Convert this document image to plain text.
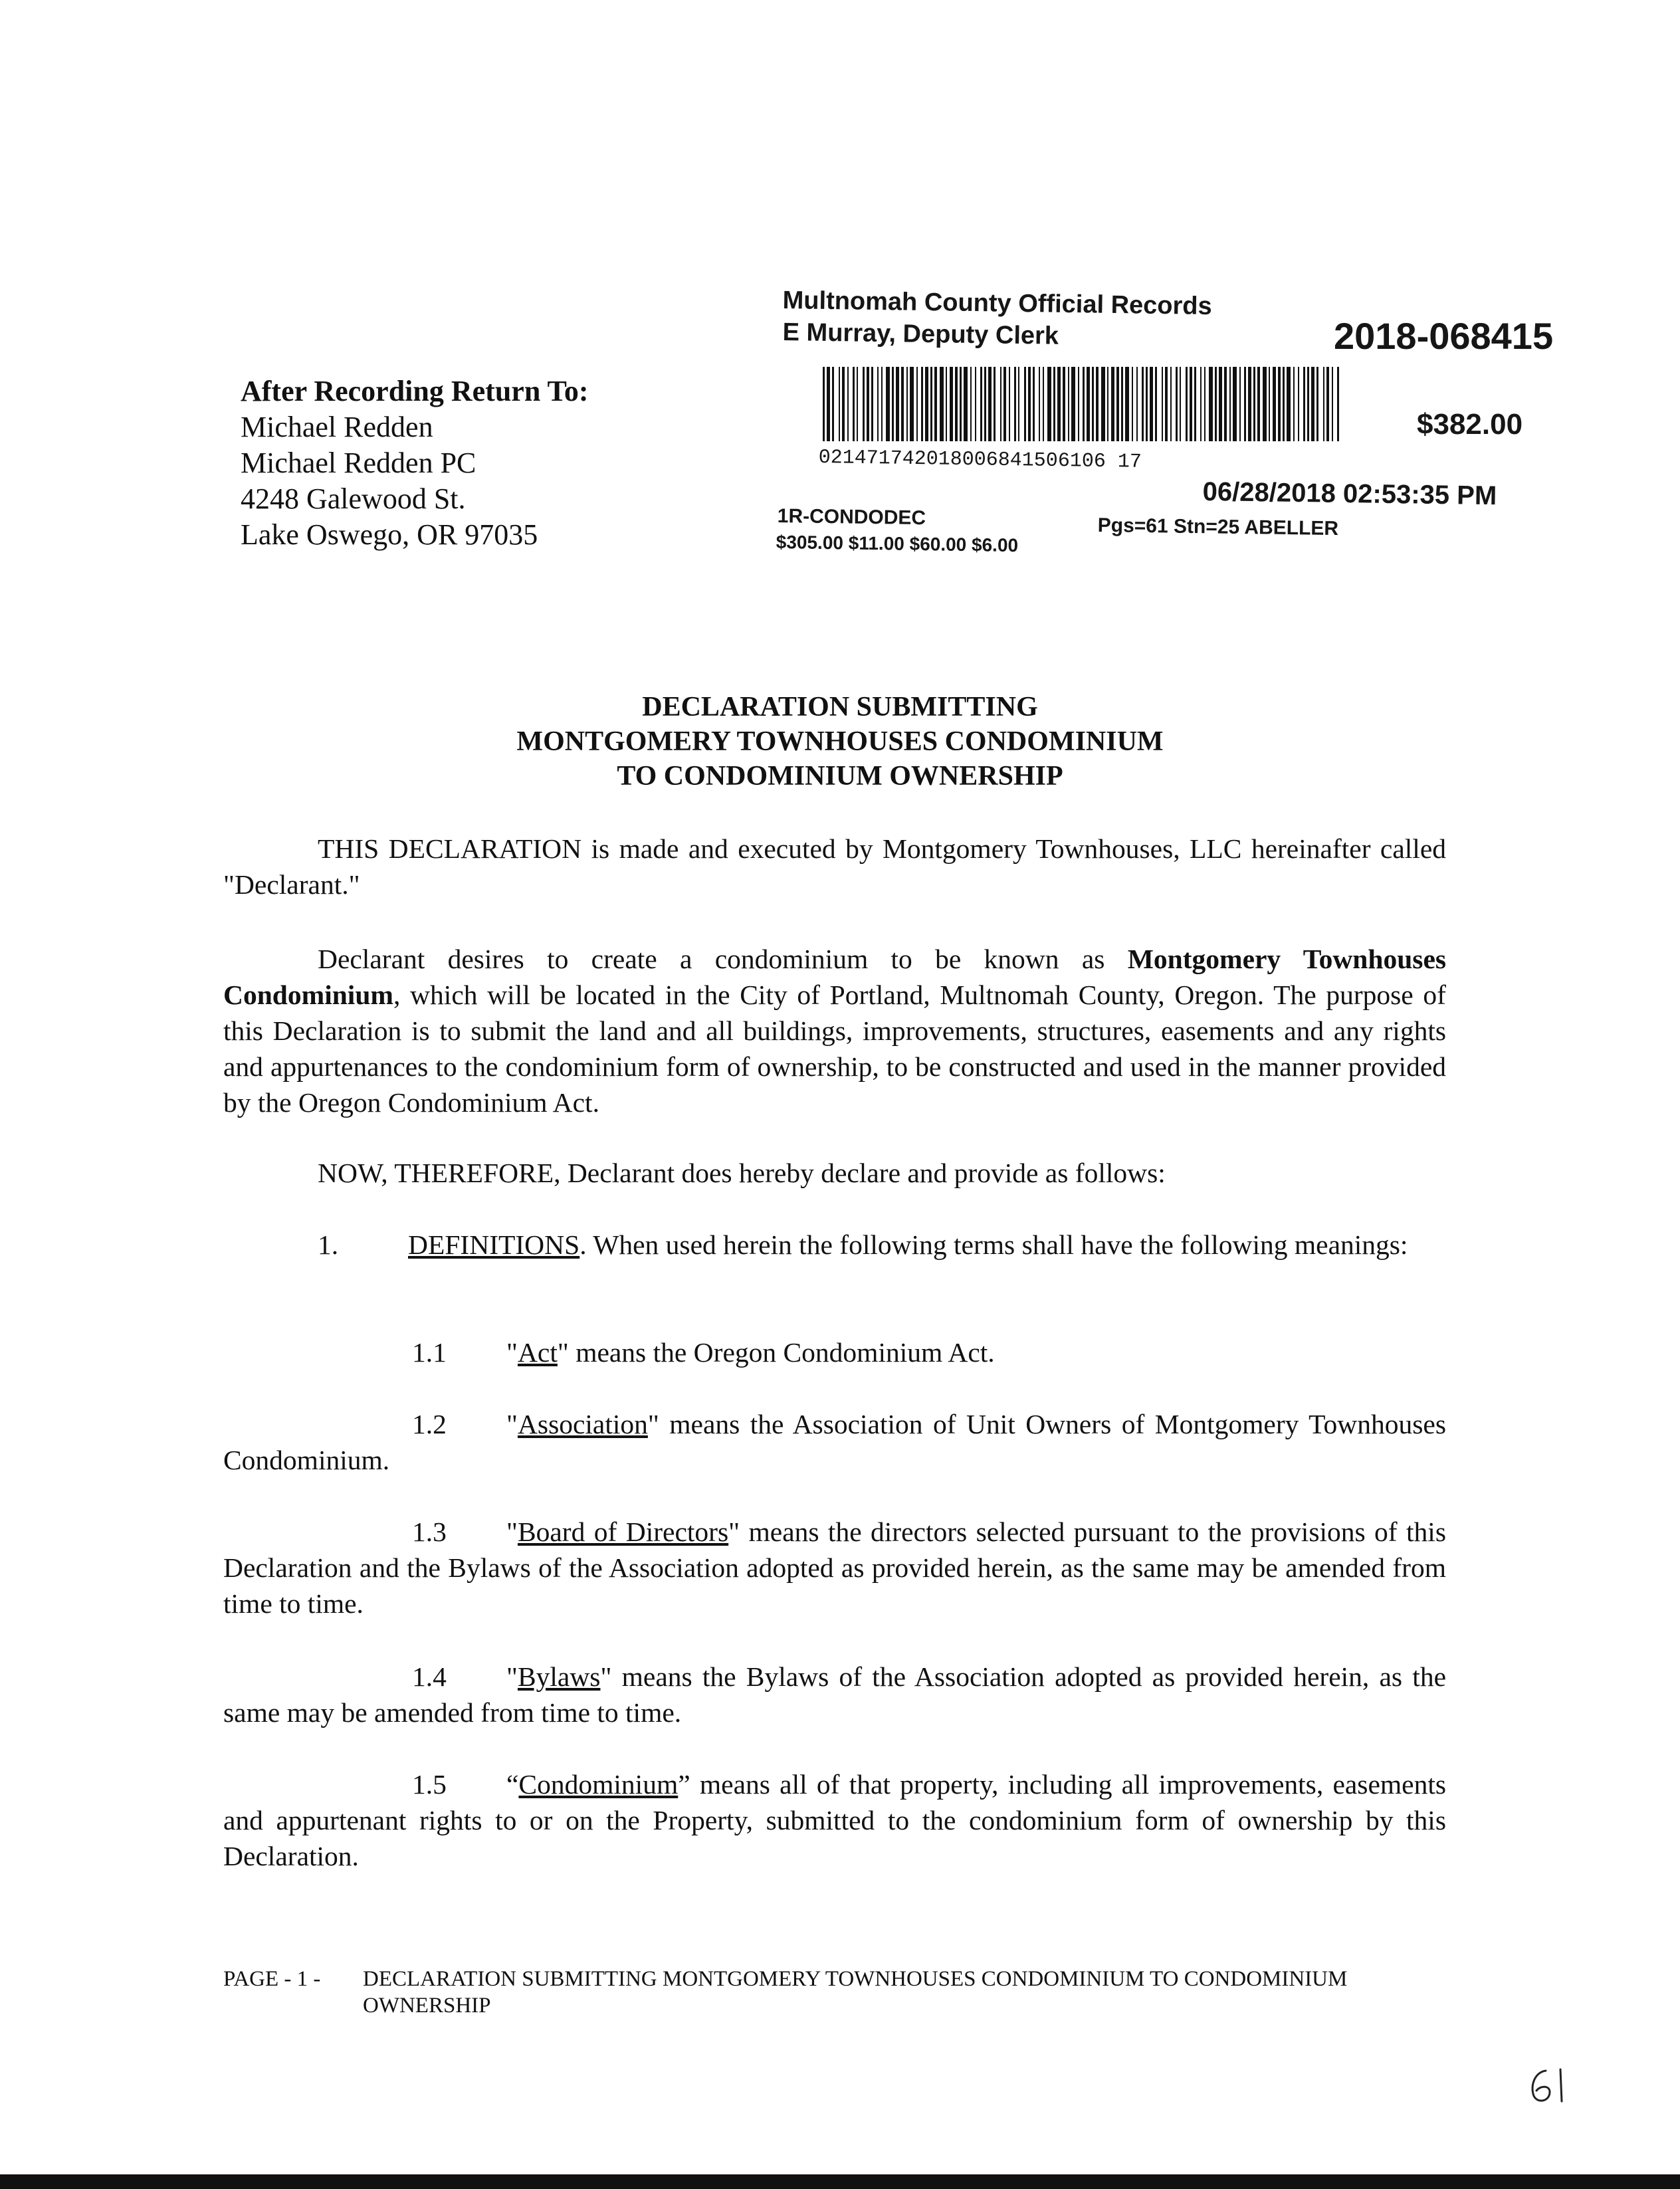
After Recording Return To:
Michael Redden
Michael Redden PC
4248 Galewood St.
Lake Oswego, OR 97035
Multnomah County Official Records
E Murray, Deputy Clerk	2018-068415
021471742018006841506106 17
$382.00
06/28/2018 02:53:35 PM
1R-CONDODEC	Pgs=61 Stn=25 ABELLER
$305.00 $11.00 $60.00 $6.00
DECLARATION SUBMITTING
MONTGOMERY TOWNHOUSES CONDOMINIUM
TO CONDOMINIUM OWNERSHIP
THIS DECLARATION is made and executed by Montgomery Townhouses, LLC hereinafter called "Declarant."
Declarant desires to create a condominium to be known as Montgomery Townhouses Condominium, which will be located in the City of Portland, Multnomah County, Oregon. The purpose of this Declaration is to submit the land and all buildings, improvements, structures, easements and any rights and appurtenances to the condominium form of ownership, to be constructed and used in the manner provided by the Oregon Condominium Act.
NOW, THEREFORE, Declarant does hereby declare and provide as follows:
1.	DEFINITIONS. When used herein the following terms shall have the following meanings:
1.1 "Act" means the Oregon Condominium Act.
1.2 "Association" means the Association of Unit Owners of Montgomery Townhouses Condominium.
1.3 "Board of Directors" means the directors selected pursuant to the provisions of this Declaration and the Bylaws of the Association adopted as provided herein, as the same may be amended from time to time.
1.4 "Bylaws" means the Bylaws of the Association adopted as provided herein, as the same may be amended from time to time.
1.5 “Condominium” means all of that property, including all improvements, easements and appurtenant rights to or on the Property, submitted to the condominium form of ownership by this Declaration.
PAGE - 1 - DECLARATION SUBMITTING MONTGOMERY TOWNHOUSES CONDOMINIUM TO CONDOMINIUM OWNERSHIP
